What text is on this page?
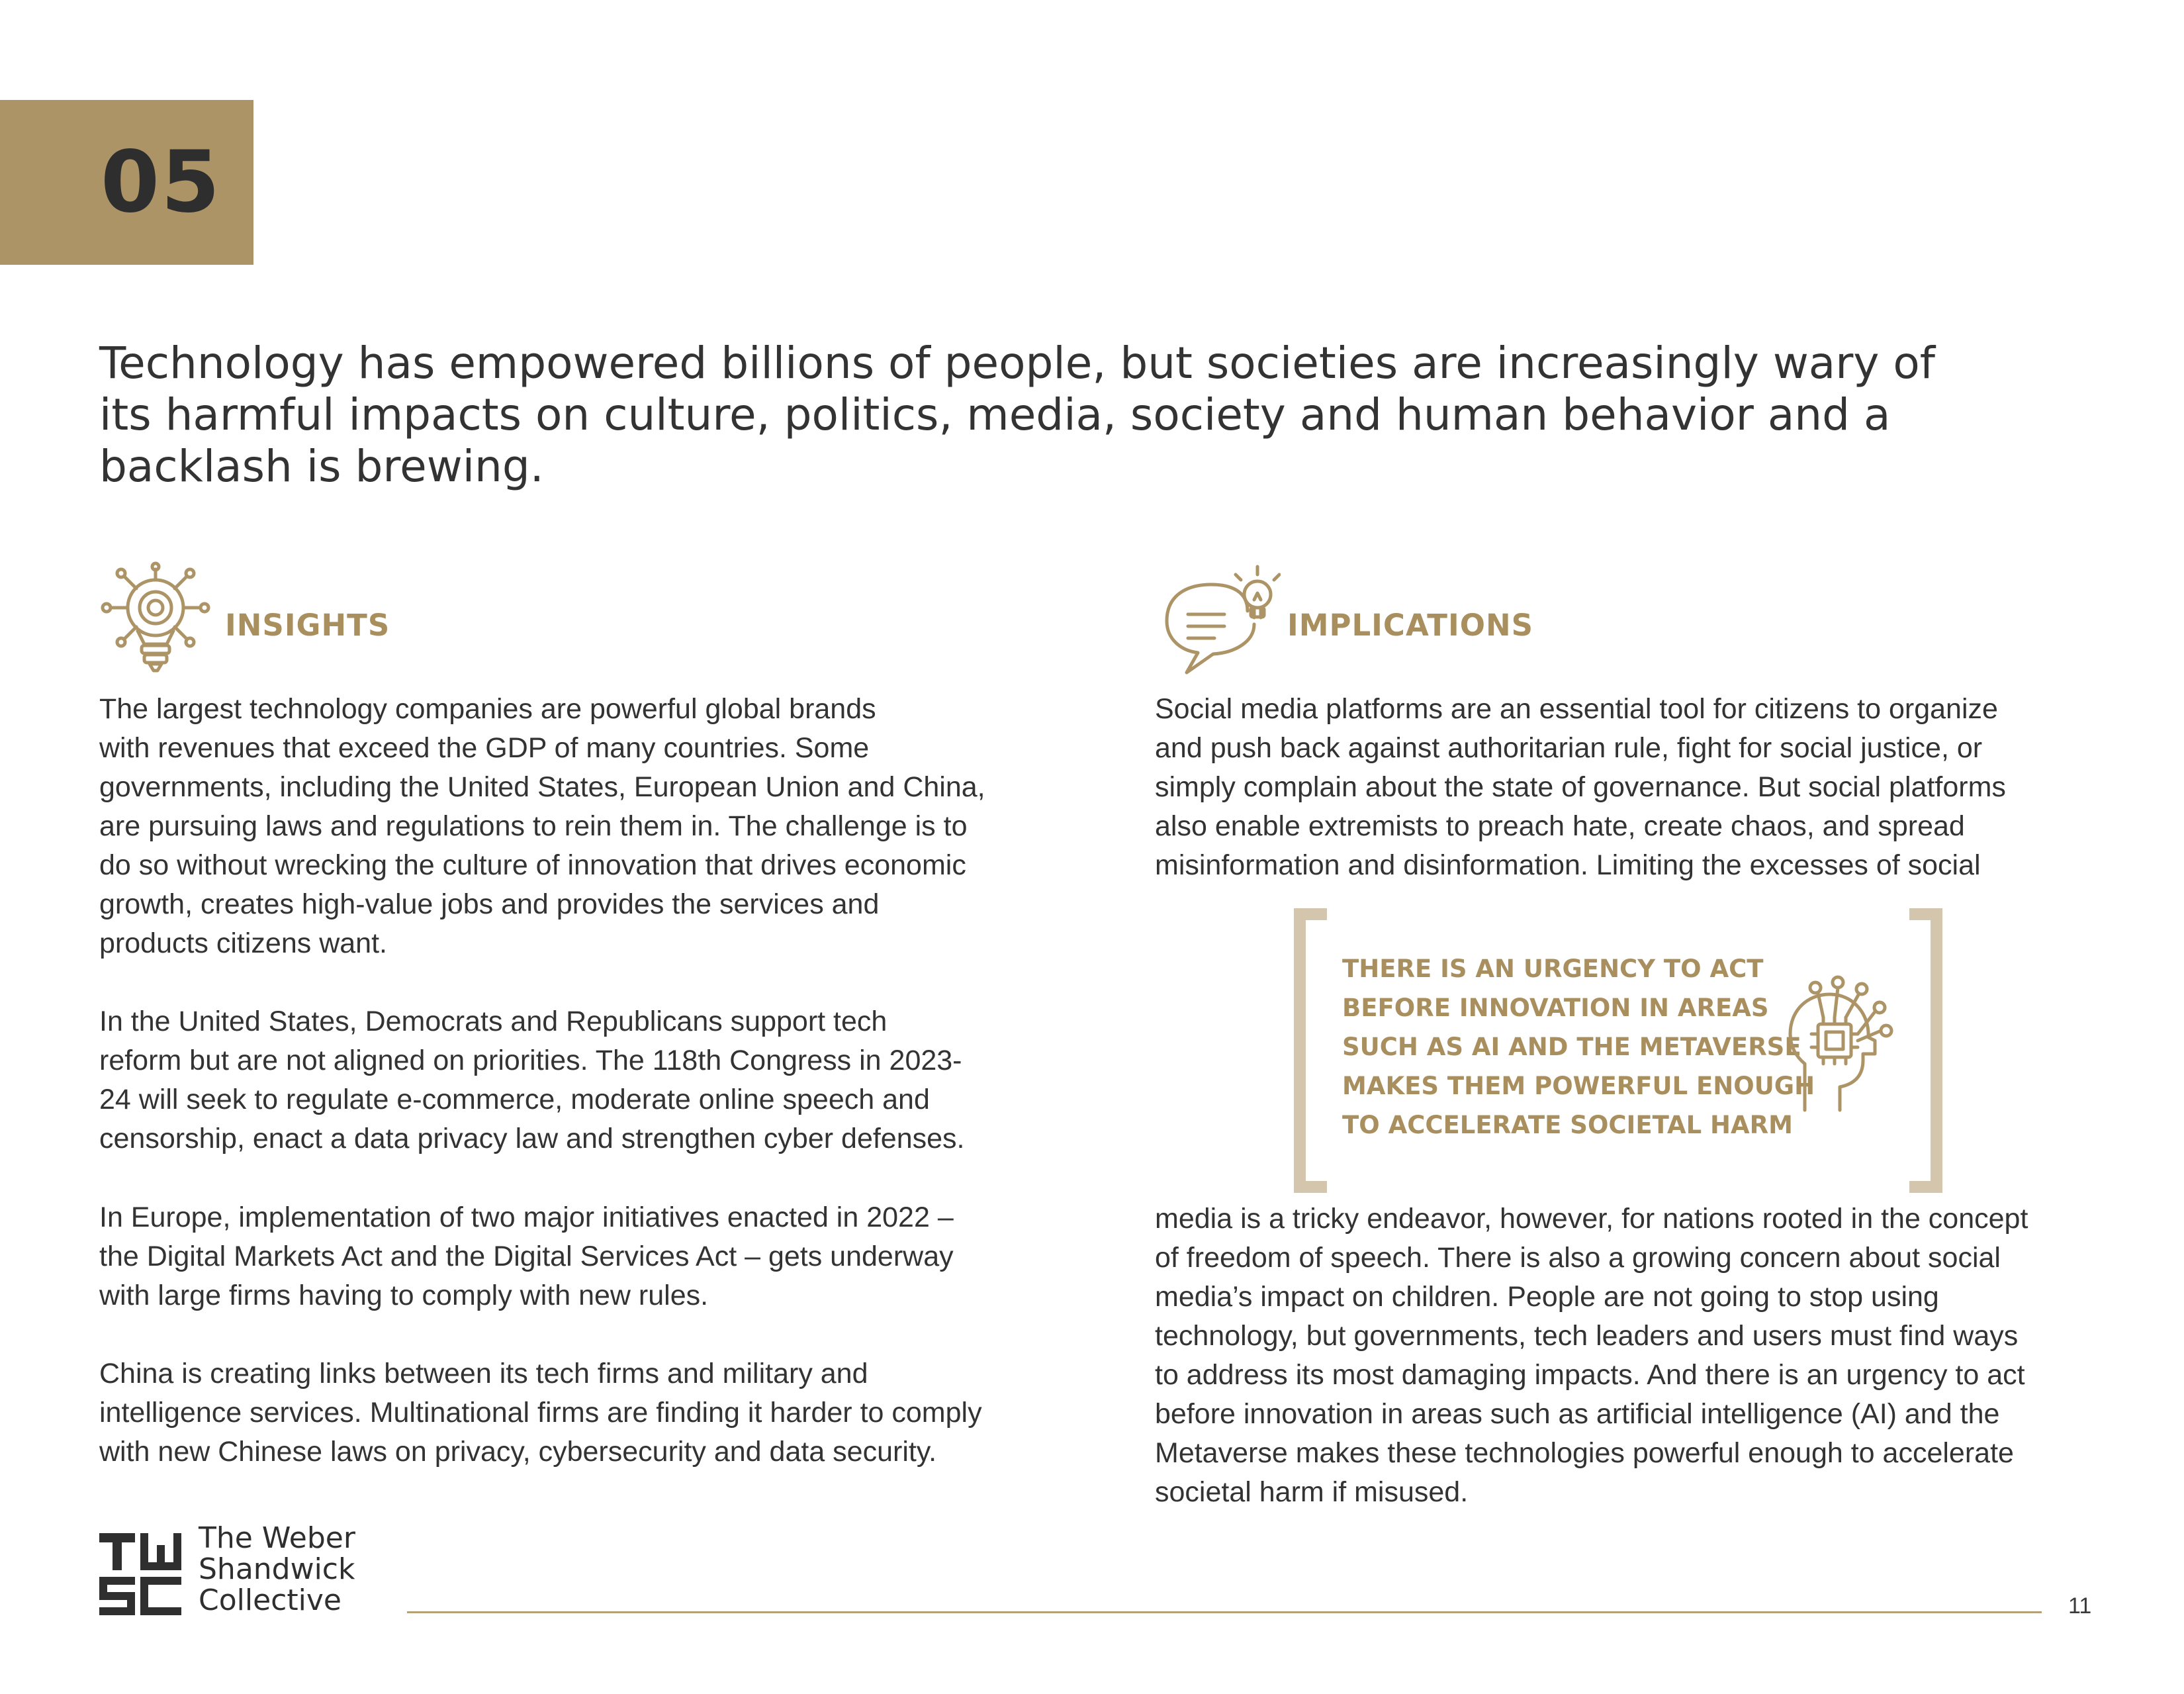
05
Technology has empowered billions of people, but societies are increasingly wary of its harmful impacts on culture, politics, media, society and human behavior and a backlash is brewing.
INSIGHTS

The largest technology companies are powerful global brands
with revenues that exceed the GDP of many countries. Some
governments, including the United States, European Union and China,
are pursuing laws and regulations to rein them in. The challenge is to
do so without wrecking the culture of innovation that drives economic
growth, creates high-value jobs and provides the services and
products citizens want.

In the United States, Democrats and Republicans support tech
reform but are not aligned on priorities. The 118th Congress in 2023-
24 will seek to regulate e-commerce, moderate online speech and
censorship, enact a data privacy law and strengthen cyber defenses.

In Europe, implementation of two major initiatives enacted in 2022 –
the Digital Markets Act and the Digital Services Act – gets underway
with large firms having to comply with new rules.

China is creating links between its tech firms and military and
intelligence services. Multinational firms are finding it harder to comply
with new Chinese laws on privacy, cybersecurity and data security.

IMPLICATIONS

Social media platforms are an essential tool for citizens to organize
and push back against authoritarian rule, fight for social justice, or
simply complain about the state of governance. But social platforms
also enable extremists to preach hate, create chaos, and spread
misinformation and disinformation. Limiting the excesses of social

THERE IS AN URGENCY TO ACT
BEFORE INNOVATION IN AREAS
SUCH AS AI AND THE METAVERSE
MAKES THEM POWERFUL ENOUGH
TO ACCELERATE SOCIETAL HARM

media is a tricky endeavor, however, for nations rooted in the concept
of freedom of speech. There is also a growing concern about social
media’s impact on children. People are not going to stop using
technology, but governments, tech leaders and users must find ways
to address its most damaging impacts. And there is an urgency to act
before innovation in areas such as artificial intelligence (AI) and the
Metaverse makes these technologies powerful enough to accelerate
societal harm if misused.

The Weber
Shandwick
Collective	11
